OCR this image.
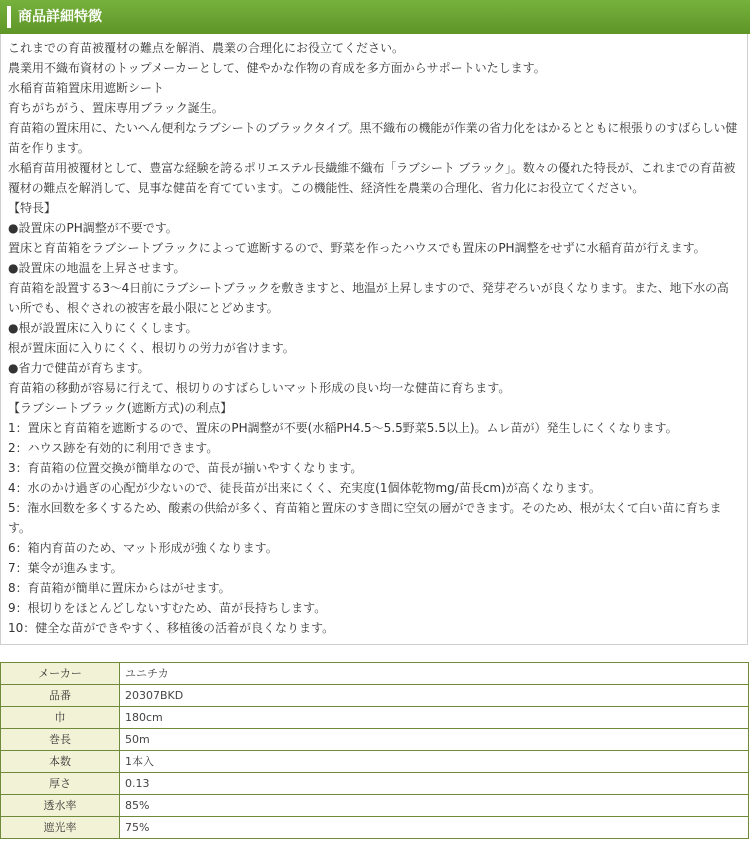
商品詳細特徴

これまでの育苗被覆材の難点を解消、農業の合理化にお役立てください。

農業用不織布資材のトップメーカーとして、健やかな作物の育成を多方面からサポートいたします。

水稲育苗箱置床用遮断シート

育ちがちがう、置床専用ブラック誕生。

育苗箱の置床用に、たいへん便利なラブシートのブラックタイプ。黒不織布の機能が作業の省力化をはかるとともに根張りのすばらしい健苗を作ります。

水稲育苗用被覆材として、豊富な経験を誇るポリエステル長繊維不織布「ラブシート ブラック」。数々の優れた特長が、これまでの育苗被覆材の難点を解消して、見事な健苗を育てています。この機能性、経済性を農業の合理化、省力化にお役立てください。

【特長】

●設置床のPH調整が不要です。

置床と育苗箱をラブシートブラックによって遮断するので、野菜を作ったハウスでも置床のPH調整をせずに水稲育苗が行えます。

●設置床の地温を上昇させます。

育苗箱を設置する3～4日前にラブシートブラックを敷きますと、地温が上昇しますので、発芽ぞろいが良くなります。また、地下水の高い所でも、根ぐされの被害を最小限にとどめます。

●根が設置床に入りにくくします。

根が置床面に入りにくく、根切りの労力が省けます。

●省力で健苗が育ちます。

育苗箱の移動が容易に行えて、根切りのすばらしいマット形成の良い均一な健苗に育ちます。

【ラブシートブラック(遮断方式)の利点】

1：置床と育苗箱を遮断するので、置床のPH調整が不要(水稲PH4.5～5.5野菜5.5以上)。ムレ苗が）発生しにくくなります。

2：ハウス跡を有効的に利用できます。

3：育苗箱の位置交換が簡単なので、苗長が揃いやすくなります。

4：水のかけ過ぎの心配が少ないので、徒長苗が出来にくく、充実度(1個体乾物mg/苗長cm)が高くなります。

5：潅水回数を多くするため、酸素の供給が多く、育苗箱と置床のすき間に空気の層ができます。そのため、根が太くて白い苗に育ちます。

6：箱内育苗のため、マット形成が強くなります。

7：葉令が進みます。

8：育苗箱が簡単に置床からはがせます。

9：根切りをほとんどしないすむため、苗が長持ちします。

10：健全な苗ができやすく、移植後の活着が良くなります。

メーカー	ユニチカ
品番	20307BKD
巾	180cm
巻長	50m
本数	1本入
厚さ	0.13
透水率	85%
遮光率	75%
